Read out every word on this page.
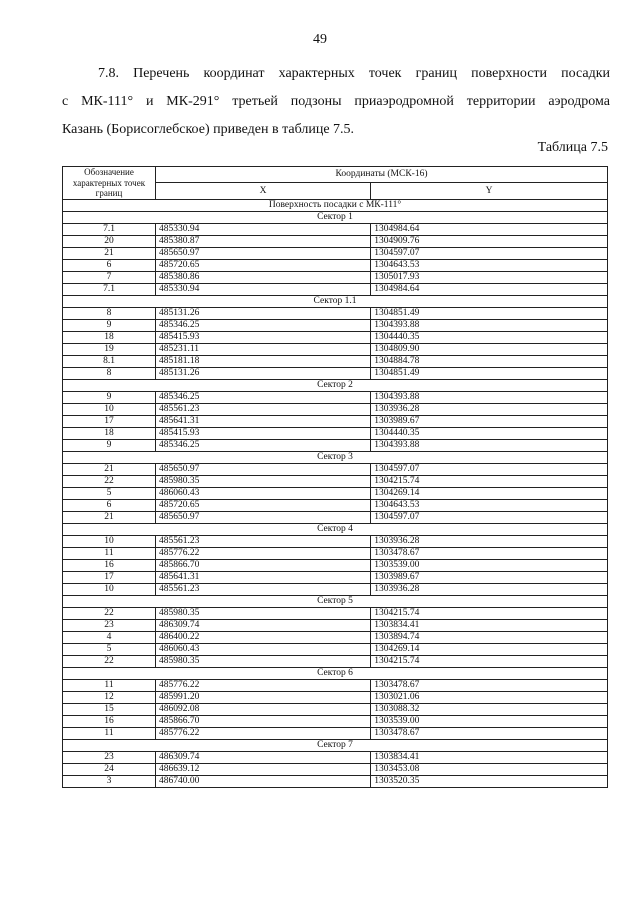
49
7.8. Перечень координат характерных точек границ поверхности посадки
с МК-111° и МК-291° третьей подзоны приаэродромной территории аэродрома
Казань (Борисоглебское) приведен в таблице 7.5.
Таблица 7.5
Обозначение характерных точек границ	Координаты (МСК-16)	
	X	Y
Поверхность посадки с МК-111°		
Сектор 1		
7.1	485330.94	1304984.64
20	485380.87	1304909.76
21	485650.97	1304597.07
6	485720.65	1304643.53
7	485380.86	1305017.93
7.1	485330.94	1304984.64
Сектор 1.1		
8	485131.26	1304851.49
9	485346.25	1304393.88
18	485415.93	1304440.35
19	485231.11	1304809.90
8.1	485181.18	1304884.78
8	485131.26	1304851.49
Сектор 2		
9	485346.25	1304393.88
10	485561.23	1303936.28
17	485641.31	1303989.67
18	485415.93	1304440.35
9	485346.25	1304393.88
Сектор 3		
21	485650.97	1304597.07
22	485980.35	1304215.74
5	486060.43	1304269.14
6	485720.65	1304643.53
21	485650.97	1304597.07
Сектор 4		
10	485561.23	1303936.28
11	485776.22	1303478.67
16	485866.70	1303539.00
17	485641.31	1303989.67
10	485561.23	1303936.28
Сектор 5		
22	485980.35	1304215.74
23	486309.74	1303834.41
4	486400.22	1303894.74
5	486060.43	1304269.14
22	485980.35	1304215.74
Сектор 6		
11	485776.22	1303478.67
12	485991.20	1303021.06
15	486092.08	1303088.32
16	485866.70	1303539.00
11	485776.22	1303478.67
Сектор 7		
23	486309.74	1303834.41
24	486639.12	1303453.08
3	486740.00	1303520.35
